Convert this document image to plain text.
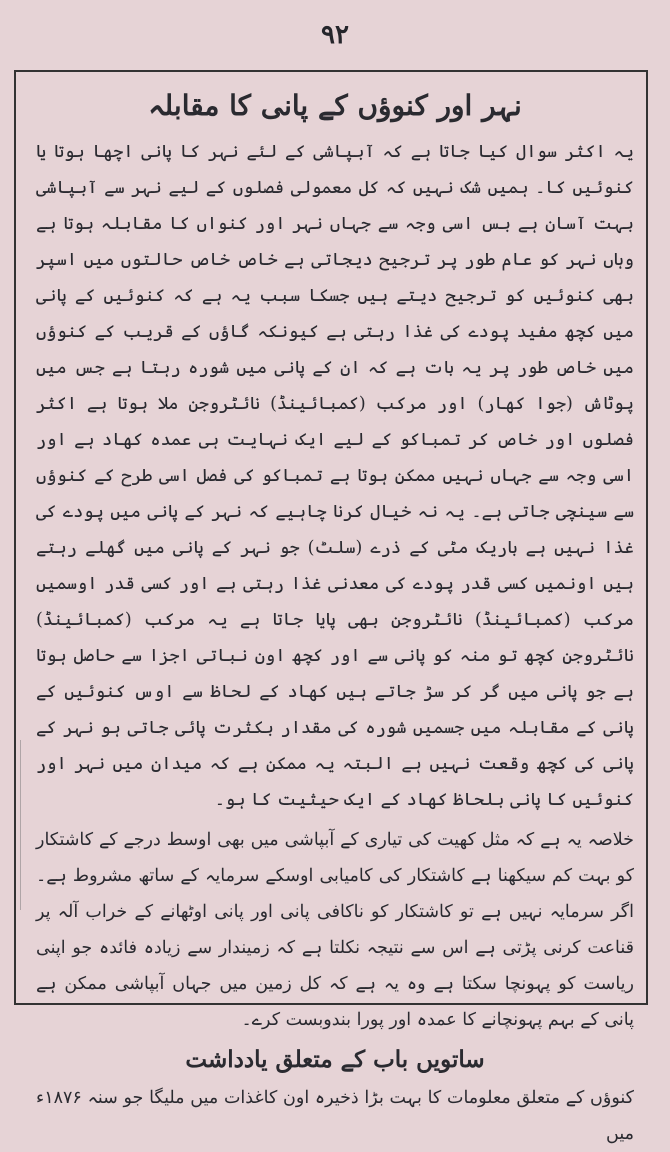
۹۲
نہر اور کنوؤں کے پانی کا مقابلہ

یہ اکثر سوال کیا جاتا ہے کہ آبپاشی کے لئے نہر کا پانی اچھا ہوتا یا کنوئیں کا۔ ہمیں شک نہیں کہ کل معمولی فصلوں کے لیے نہر سے آبپاشی بہت آسان ہے بس اسی وجہ سے جہاں نہر اور کنواں کا مقابلہ ہوتا ہے وہاں نہر کو عام طور پر ترجیح دیجاتی ہے خاص خاص حالتوں میں اسپر بھی کنوئیں کو ترجیح دیتے ہیں جسکا سبب یہ ہے کہ کنوئیں کے پانی میں کچھ مفید پودے کی غذا رہتی ہے کیونکہ گاؤں کے قریب کے کنوؤں میں خاص طور پر یہ بات ہے کہ ان کے پانی میں شورہ رہتا ہے جس میں پوٹاش (جوا کھار) اور مرکب (کمبائینڈ) نائٹروجن ملا ہوتا ہے اکثر فصلوں اور خاص کر تمباکو کے لیے ایک نہایت ہی عمدہ کھاد ہے اور اسی وجہ سے جہاں نہیں ممکن ہوتا ہے تمباکو کی فصل اسی طرح کے کنوؤں سے سینچی جاتی ہے۔ یہ نہ خیال کرنا چاہیے کہ نہر کے پانی میں پودے کی غذا نہیں ہے باریک مٹی کے ذرے (سلٹ) جو نہر کے پانی میں گھلے رہتے ہیں اونمیں کسی قدر پودے کی معدنی غذا رہتی ہے اور کسی قدر اوسمیں مرکب (کمبائینڈ) نائٹروجن بھی پایا جاتا ہے یہ مرکب (کمبائینڈ) نائٹروجن کچھ تو منہ کو پانی سے اور کچھ اون نباتی اجزا سے حاصل ہوتا ہے جو پانی میں گر کر سڑ جاتے ہیں کھاد کے لحاظ سے اوس کنوئیں کے پانی کے مقابلہ میں جسمیں شورہ کی مقدار بکثرت پائی جاتی ہو نہر کے پانی کی کچھ وقعت نہیں ہے البتہ یہ ممکن ہے کہ میدان میں نہر اور کنوئیں کا پانی بلحاظ کھاد کے ایک حیثیت کا ہو۔

خلاصہ یہ ہے کہ مثل کھیت کی تیاری کے آبپاشی میں بھی اوسط درجے کے کاشتکار کو بہت کم سیکھنا ہے کاشتکار کی کامیابی اوسکے سرمایہ کے ساتھ مشروط ہے۔ اگر سرمایہ نہیں ہے تو کاشتکار کو ناکافی پانی اور پانی اوٹھانے کے خراب آلہ پر قناعت کرنی پڑتی ہے اس سے نتیجہ نکلتا ہے کہ زمیندار سے زیادہ فائدہ جو اپنی ریاست کو پہونچا سکتا ہے وہ یہ ہے کہ کل زمین میں جہاں آبپاشی ممکن ہے پانی کے بہم پہونچانے کا عمدہ اور پورا بندوبست کرے۔

ساتویں باب کے متعلق یادداشت

کنوؤں کے متعلق معلومات کا بہت بڑا ذخیرہ اون کاغذات میں ملیگا جو سنہ ۱۸۷۶ء میں
